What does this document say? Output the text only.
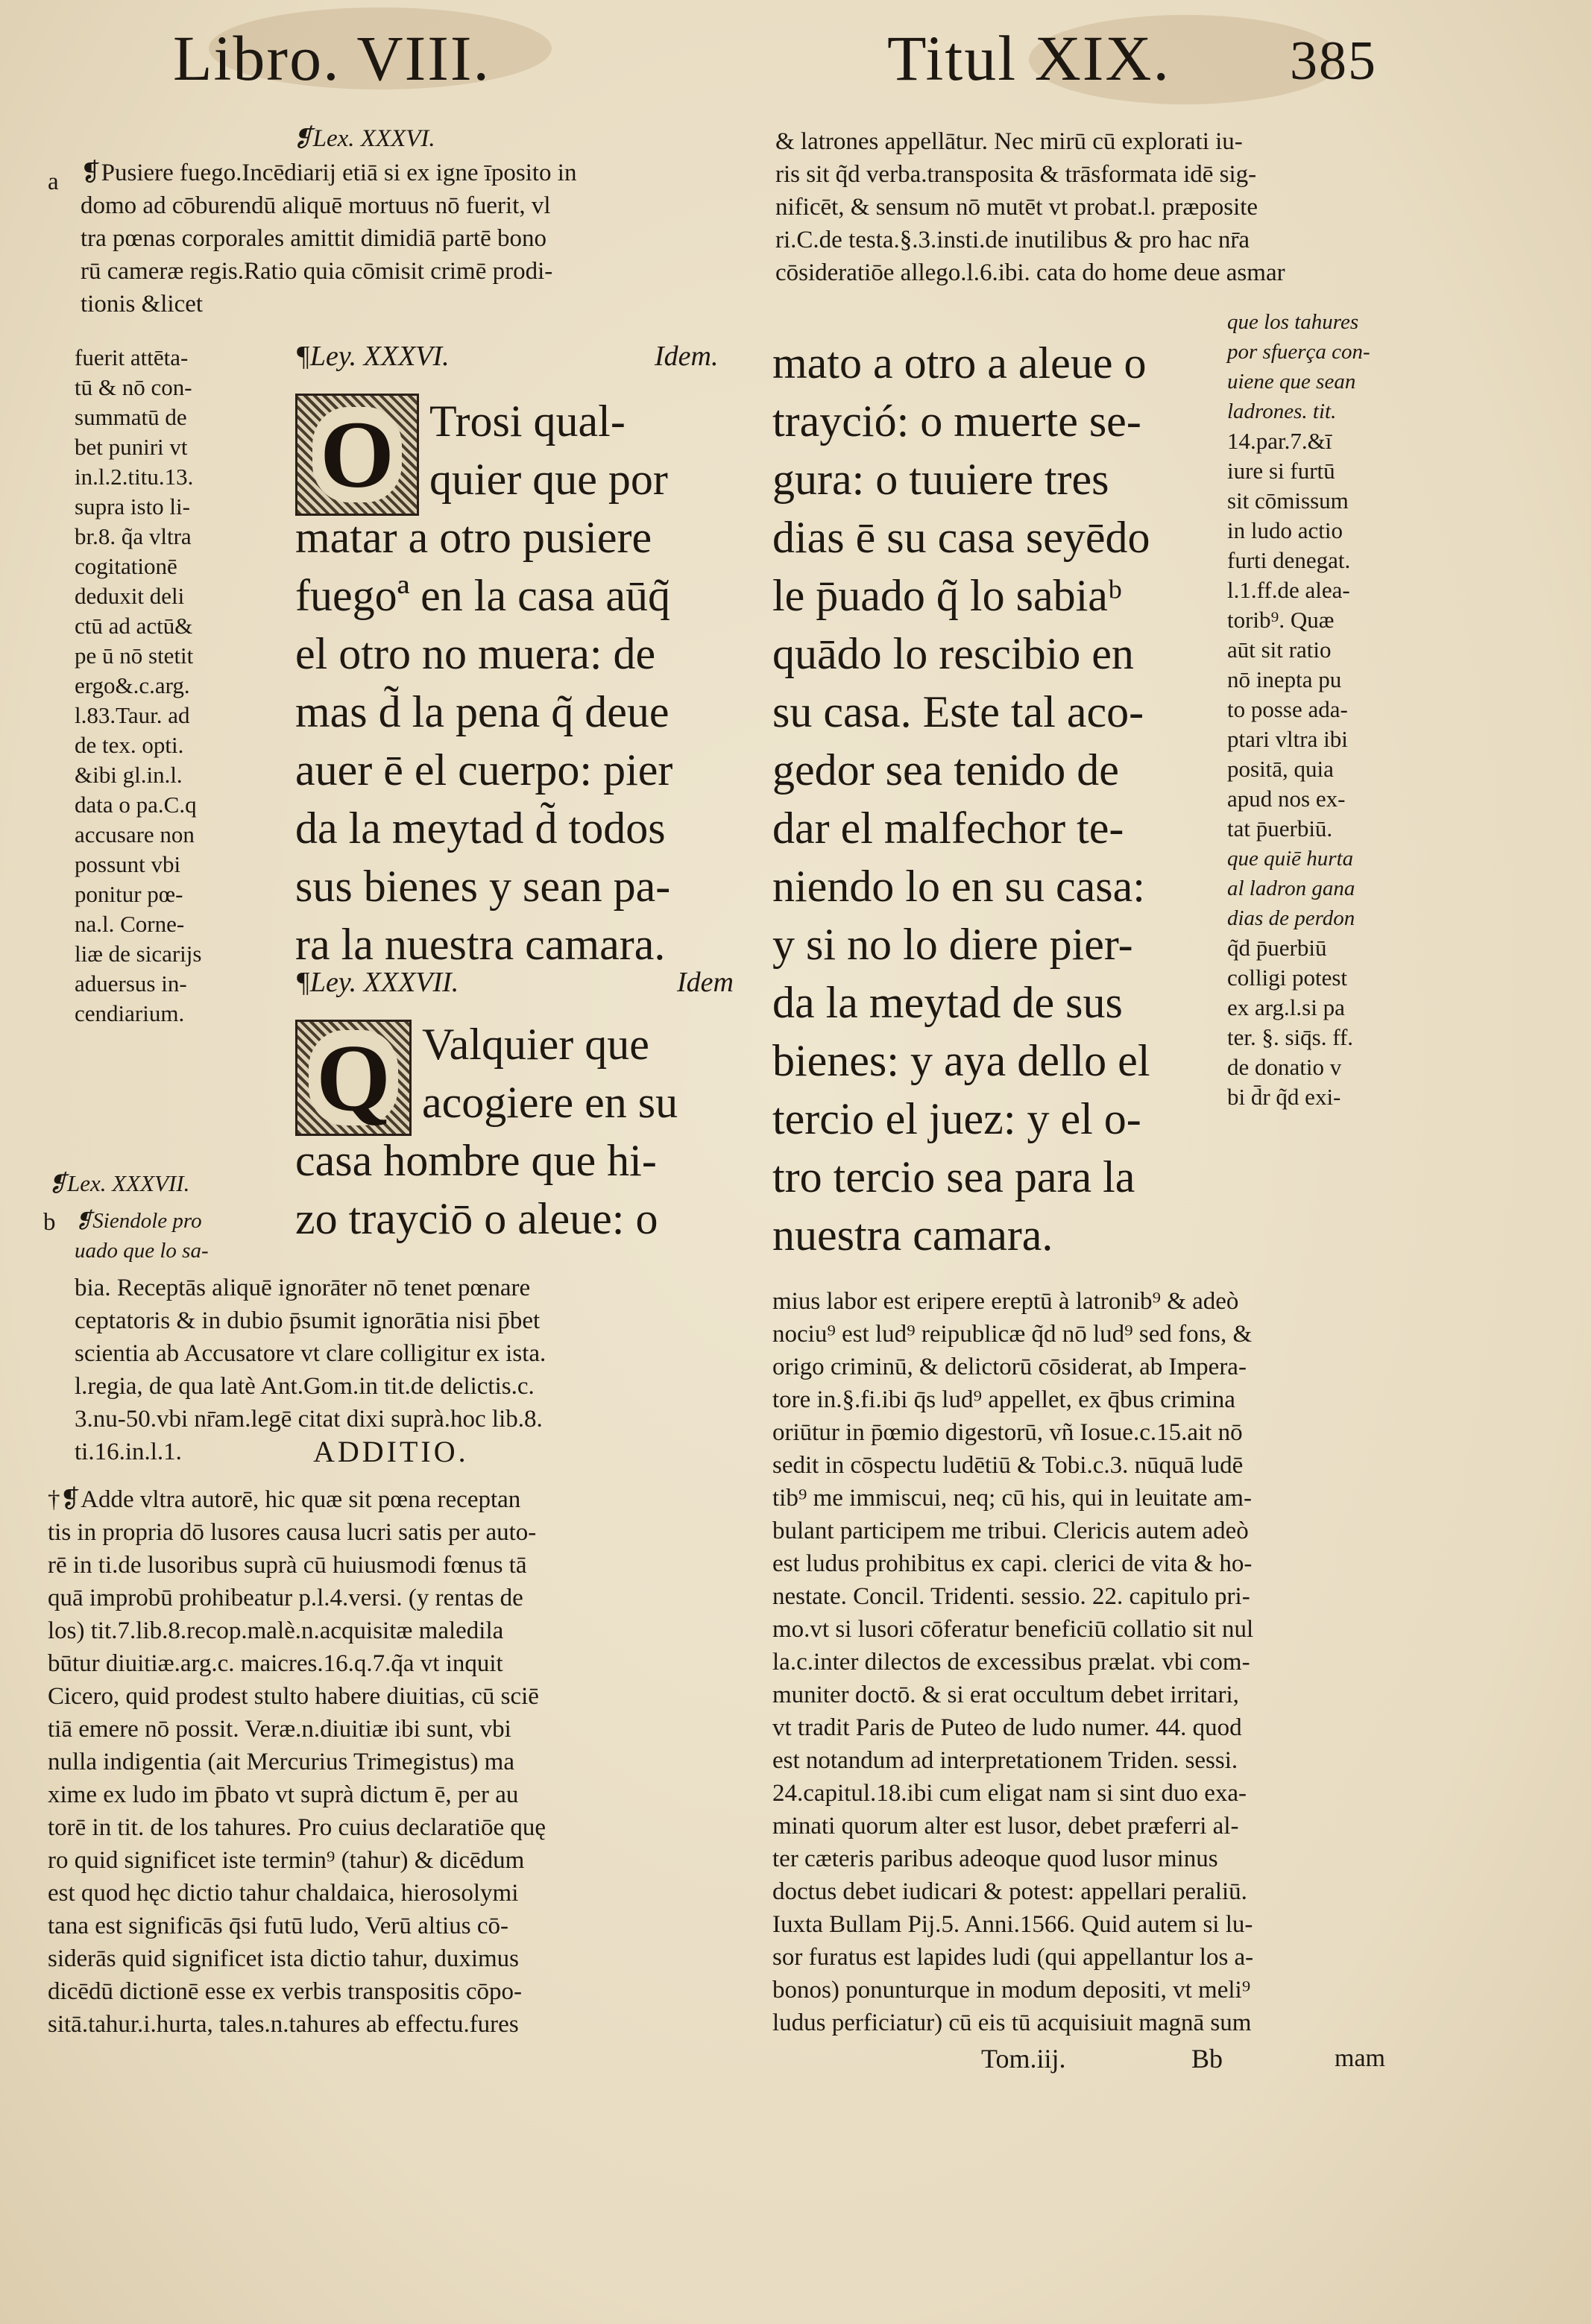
Libro. VIII.	Titul XIX. 385
❡Lex. XXXVI.
a ❡Pusiere fuego.Incēdiarij etiā si ex igne īposito in
domo ad cōburendū aliquē mortuus nō fuerit, vl
tra pœnas corporales amittit dimidiā partē bono
rū cameræ regis.Ratio quia cōmisit crimē prodi-
tionis &licet
fuerit attēta-
tū & nō con-
summatū de
bet puniri vt
in.l.2.titu.13.
supra isto li-
br.8. q̃a vltra
cogitationē
deduxit deli
ctū ad actū&
pe ū nō stetit
ergo&.c.arg.
l.83.Taur. ad
de tex. opti.
&ibi gl.in.l.
data o pa.C.q
accusare non
possunt vbi
ponitur pœ-
na.l. Corne-
liæ de sicarijs
aduersus in-
cendiarium.
¶Ley. XXXVI.	Idem.
O Trosi qual-
quier que por
matar a otro pusiere
fuegoª en la casa aūq̃
el otro no muera: de
mas d̃ la pena q̃ deue
auer ē el cuerpo: pier
da la meytad d̃ todos
sus bienes y sean pa-
ra la nuestra camara.
¶Ley. XXXVII.	Idem
Q Valquier que
acogiere en su
casa hombre que hi-
zo trayciō o aleue: o
❡Lex. XXXVII.
b ❡Siendole pro
uado que lo sa-
bia. Receptās aliquē ignorāter nō tenet pœnare
ceptatoris & in dubio p̄sumit ignorātia nisi p̄bet
scientia ab Accusatore vt clare colligitur ex ista.
l.regia, de qua latè Ant.Gom.in tit.de delictis.c.
3.nu-50.vbi nr̄am.legē citat dixi suprà.hoc lib.8.
ti.16.in.l.1.	ADDITIO.
†❡Adde vltra autorē, hic quæ sit pœna receptan
tis in propria dō lusores causa lucri satis per auto-
rē in ti.de lusoribus suprà cū huiusmodi fœnus tā
quā improbū prohibeatur p.l.4.versi. (y rentas de
los) tit.7.lib.8.recop.malè.n.acquisitæ maledila
būtur diuitiæ.arg.c. maicres.16.q.7.q̃a vt inquit
Cicero, quid prodest stulto habere diuitias, cū sciē
tiā emere nō possit. Veræ.n.diuitiæ ibi sunt, vbi
nulla indigentia (ait Mercurius Trimegistus) ma
xime ex ludo im p̄bato vt suprà dictum ē, per au
torē in tit. de los tahures. Pro cuius declaratiōe quę
ro quid significet iste termin⁹ (tahur) & dicēdum
est quod hęc dictio tahur chaldaica, hierosolymi
tana est significās q̄si futū ludo, Verū altius cō-
siderās quid significet ista dictio tahur, duximus
dicēdū dictionē esse ex verbis transpositis cōpo-
sitā.tahur.i.hurta, tales.n.tahures ab effectu.fures
& latrones appellātur. Nec mirū cū explorati iu-
ris sit q̃d verba.transposita & trāsformata idē sig-
nificēt, & sensum nō mutēt vt probat.l. præposite
ri.C.de testa.§.3.insti.de inutilibus & pro hac nr̄a
cōsideratiōe allego.l.6.ibi. cata do home deue asmar
mato a otro a aleue o
trayció: o muerte se-
gura: o tuuiere tres
dias ē su casa seyēdo
le p̄uado q̃ lo sabiaᵇ
quādo lo rescibio en
su casa. Este tal aco-
gedor sea tenido de
dar el malfechor te-
niendo lo en su casa:
y si no lo diere pier-
da la meytad de sus
bienes: y aya dello el
tercio el juez: y el o-
tro tercio sea para la
nuestra camara.
que los tahures
por sfuerça con-
uiene que sean
ladrones. tit.
14.par.7.&ī
iure si furtū
sit cōmissum
in ludo actio
furti denegat.
l.1.ff.de alea-
torib⁹. Quæ
aūt sit ratio
nō inepta pu
to posse ada-
ptari vltra ibi
positā, quia
apud nos ex-
tat p̄uerbiū.
que quiē hurta
al ladron gana
dias de perdon
q̃d p̄uerbiū
colligi potest
ex arg.l.si pa
ter. §. siq̄s. ff.
de donatio v
bi d̄r q̃d exi-
mius labor est eripere ereptū à latronib⁹ & adeò
nociu⁹ est lud⁹ reipublicæ q̃d nō lud⁹ sed fons, &
origo criminū, & delictorū cōsiderat, ab Impera-
tore in.§.fi.ibi q̄s lud⁹ appellet, ex q̄bus crimina
oriūtur in p̄œmio digestorū, vñ Iosue.c.15.ait nō
sedit in cōspectu ludētiū & Tobi.c.3. nūquā ludē
tib⁹ me immiscui, neq; cū his, qui in leuitate am-
bulant participem me tribui. Clericis autem adeò
est ludus prohibitus ex capi. clerici de vita & ho-
nestate. Concil. Tridenti. sessio. 22. capitulo pri-
mo.vt si lusori cōferatur beneficiū collatio sit nul
la.c.inter dilectos de excessibus prælat. vbi com-
muniter doctō. & si erat occultum debet irritari,
vt tradit Paris de Puteo de ludo numer. 44. quod
est notandum ad interpretationem Triden. sessi.
24.capitul.18.ibi cum eligat nam si sint duo exa-
minati quorum alter est lusor, debet præferri al-
ter cæteris paribus adeoque quod lusor minus
doctus debet iudicari & potest: appellari peraliū.
Iuxta Bullam Pij.5. Anni.1566. Quid autem si lu-
sor furatus est lapides ludi (qui appellantur los a-
bonos) ponunturque in modum depositi, vt meli⁹
ludus perficiatur) cū eis tū acquisiuit magnā sum
Tom.iij.	Bb	mam
